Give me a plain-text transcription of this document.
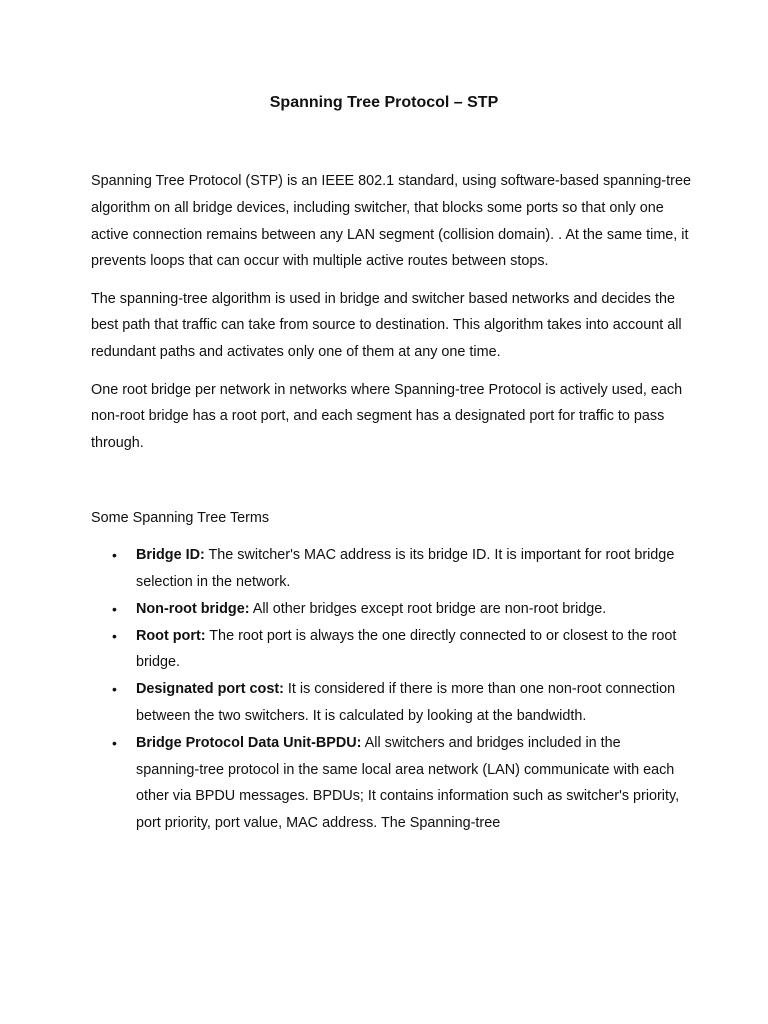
Spanning Tree Protocol – STP

Spanning Tree Protocol (STP) is an IEEE 802.1 standard, using software-based spanning-tree algorithm on all bridge devices, including switcher, that blocks some ports so that only one active connection remains between any LAN segment (collision domain). . At the same time, it prevents loops that can occur with multiple active routes between stops.

The spanning-tree algorithm is used in bridge and switcher based networks and decides the best path that traffic can take from source to destination. This algorithm takes into account all redundant paths and activates only one of them at any one time.

One root bridge per network in networks where Spanning-tree Protocol is actively used, each non-root bridge has a root port, and each segment has a designated port for traffic to pass through.

Some Spanning Tree Terms

• Bridge ID: The switcher's MAC address is its bridge ID. It is important for root bridge selection in the network.
• Non-root bridge: All other bridges except root bridge are non-root bridge.
• Root port: The root port is always the one directly connected to or closest to the root bridge.
• Designated port cost: It is considered if there is more than one non-root connection between the two switchers. It is calculated by looking at the bandwidth.
• Bridge Protocol Data Unit-BPDU: All switchers and bridges included in the spanning-tree protocol in the same local area network (LAN) communicate with each other via BPDU messages. BPDUs; It contains information such as switcher's priority, port priority, port value, MAC address. The Spanning-tree
